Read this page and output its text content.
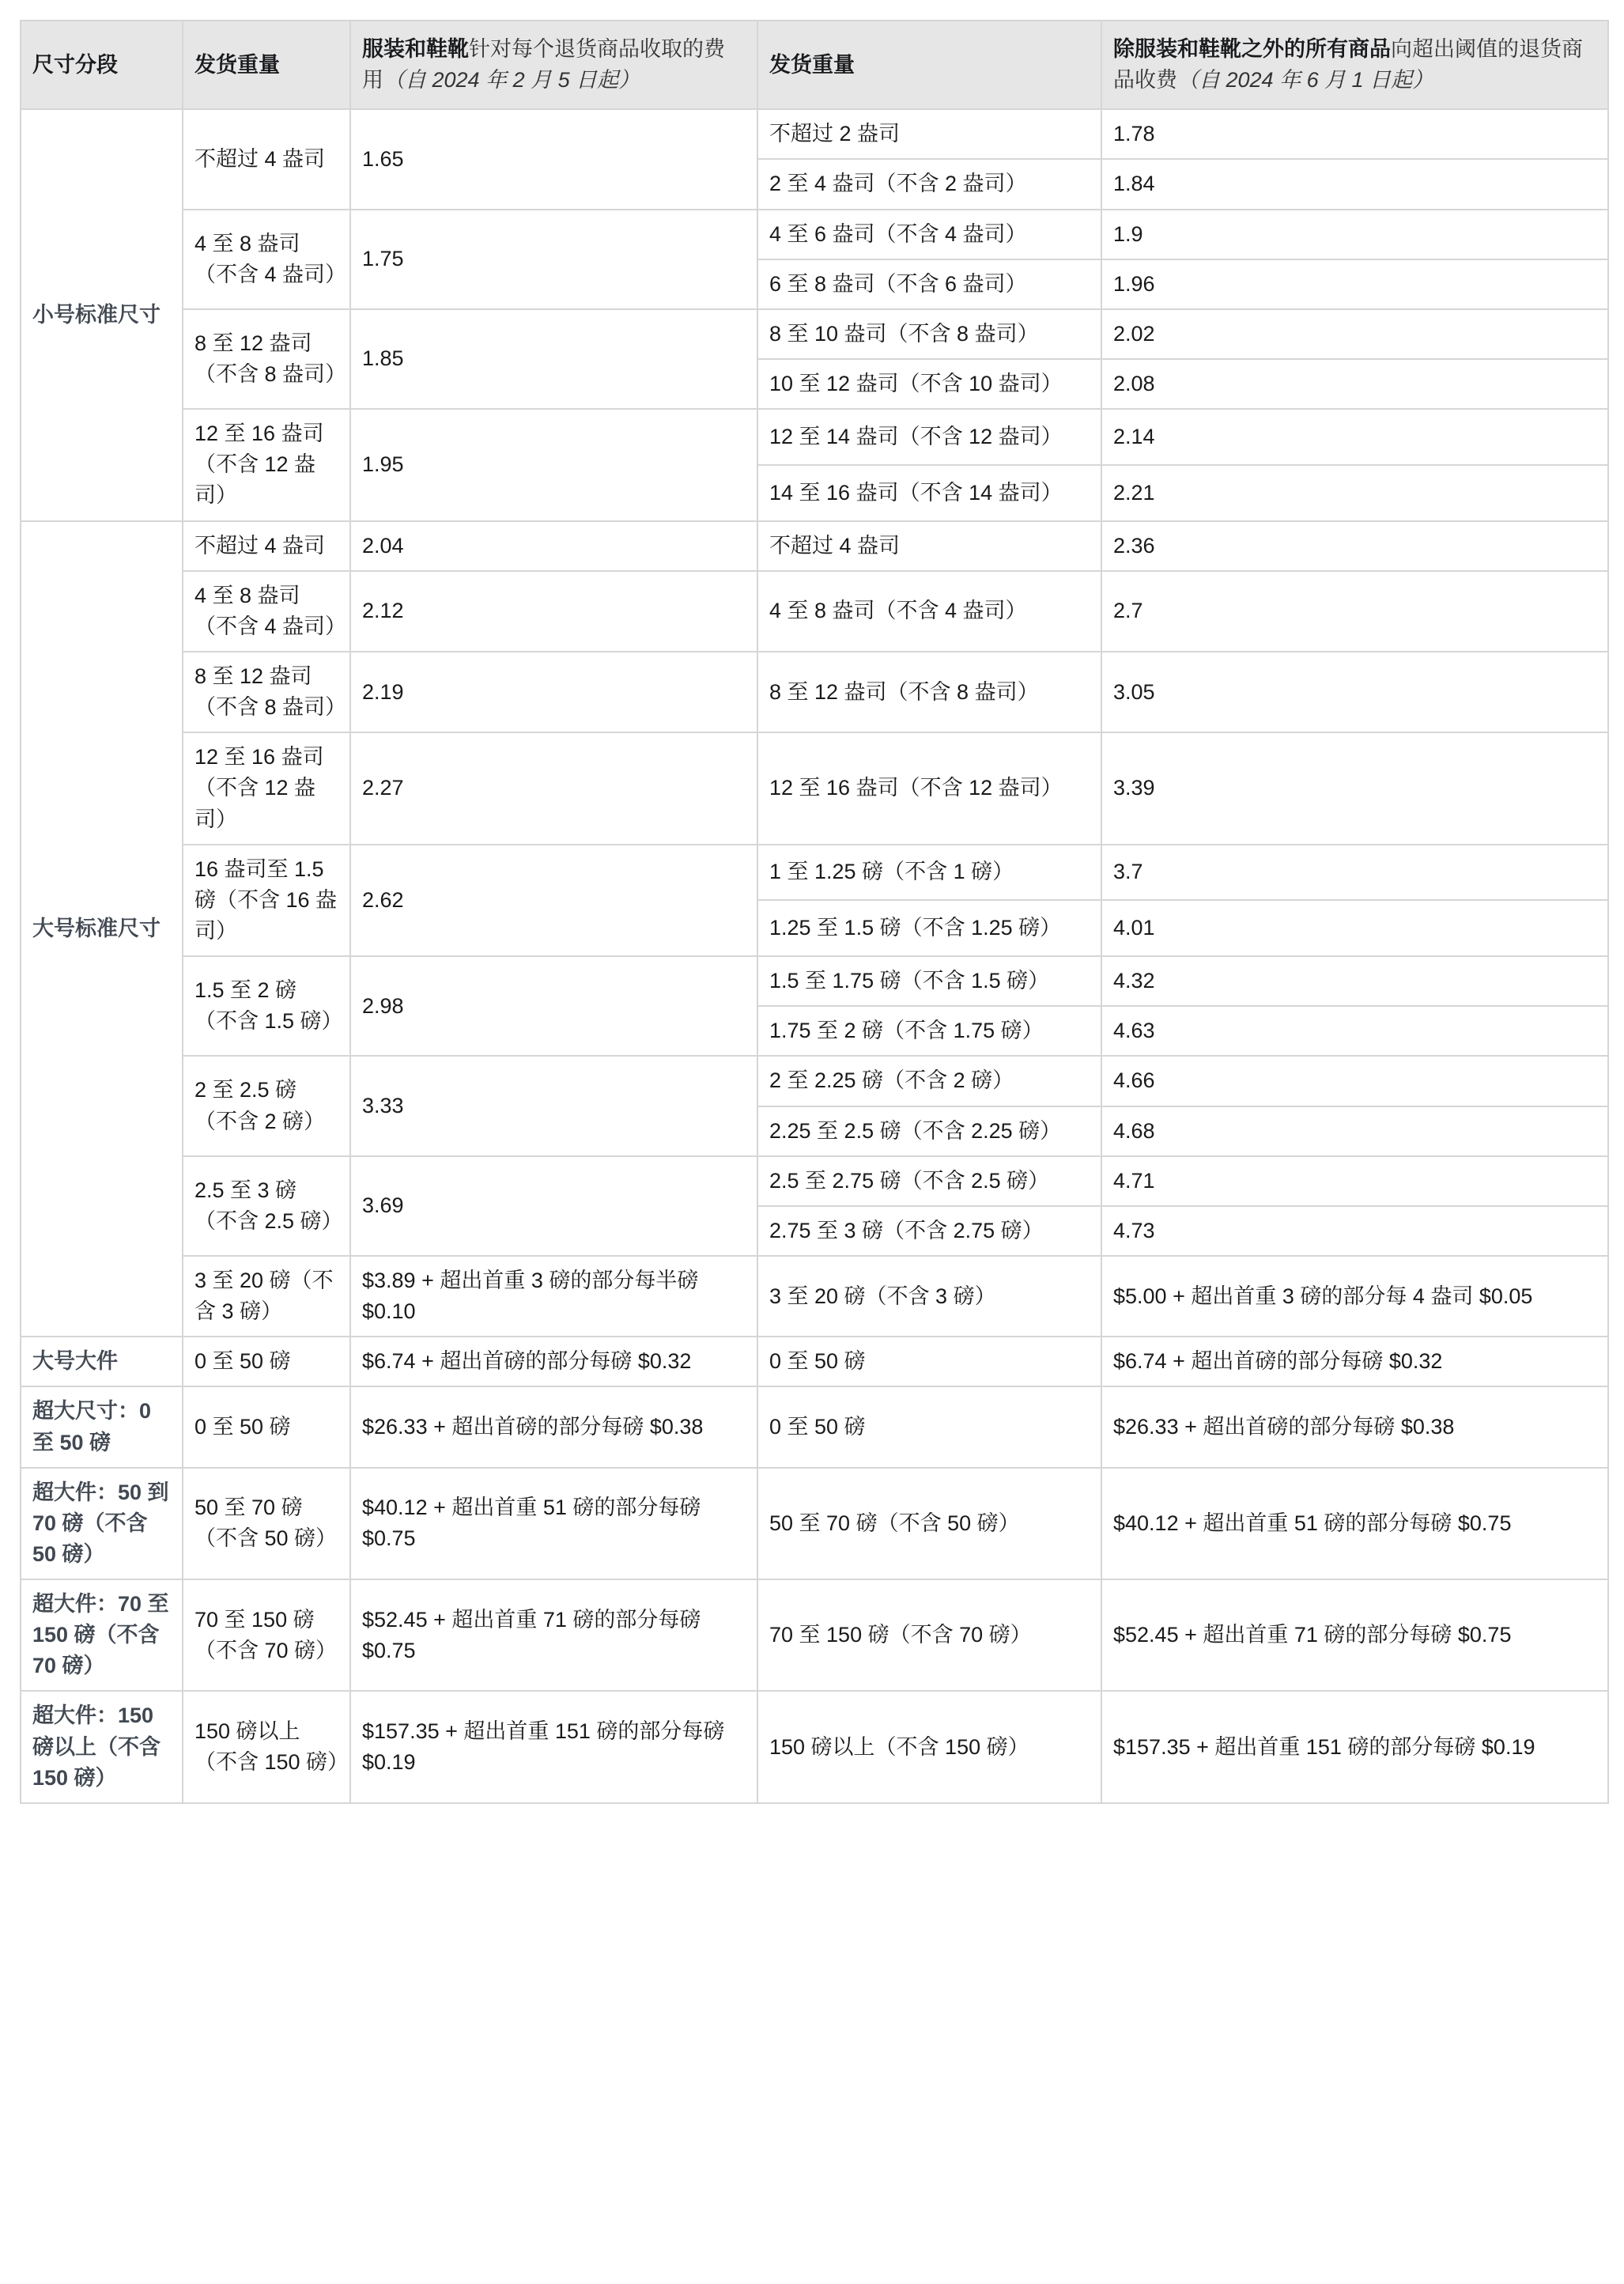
尺寸分段	发货重量	服装和鞋靴针对每个退货商品收取的费用（自 2024 年 2 月 5 日起）	发货重量	除服装和鞋靴之外的所有商品向超出阈值的退货商品收费（自 2024 年 6 月 1 日起）
小号标准尺寸	不超过 4 盎司	1.65	不超过 2 盎司	1.78
			2 至 4 盎司（不含 2 盎司）	1.84
	4 至 8 盎司（不含 4 盎司）	1.75	4 至 6 盎司（不含 4 盎司）	1.9
			6 至 8 盎司（不含 6 盎司）	1.96
	8 至 12 盎司（不含 8 盎司）	1.85	8 至 10 盎司（不含 8 盎司）	2.02
			10 至 12 盎司（不含 10 盎司）	2.08
	12 至 16 盎司（不含 12 盎司）	1.95	12 至 14 盎司（不含 12 盎司）	2.14
			14 至 16 盎司（不含 14 盎司）	2.21
大号标准尺寸	不超过 4 盎司	2.04	不超过 4 盎司	2.36
	4 至 8 盎司（不含 4 盎司）	2.12	4 至 8 盎司（不含 4 盎司）	2.7
	8 至 12 盎司（不含 8 盎司）	2.19	8 至 12 盎司（不含 8 盎司）	3.05
	12 至 16 盎司（不含 12 盎司）	2.27	12 至 16 盎司（不含 12 盎司）	3.39
	16 盎司至 1.5 磅（不含 16 盎司）	2.62	1 至 1.25 磅（不含 1 磅）	3.7
			1.25 至 1.5 磅（不含 1.25 磅）	4.01
	1.5 至 2 磅（不含 1.5 磅）	2.98	1.5 至 1.75 磅（不含 1.5 磅）	4.32
			1.75 至 2 磅（不含 1.75 磅）	4.63
	2 至 2.5 磅（不含 2 磅）	3.33	2 至 2.25 磅（不含 2 磅）	4.66
			2.25 至 2.5 磅（不含 2.25 磅）	4.68
	2.5 至 3 磅（不含 2.5 磅）	3.69	2.5 至 2.75 磅（不含 2.5 磅）	4.71
			2.75 至 3 磅（不含 2.75 磅）	4.73
	3 至 20 磅（不含 3 磅）	$3.89 + 超出首重 3 磅的部分每半磅 $0.10	3 至 20 磅（不含 3 磅）	$5.00 + 超出首重 3 磅的部分每 4 盎司 $0.05
大号大件	0 至 50 磅	$6.74 + 超出首磅的部分每磅 $0.32	0 至 50 磅	$6.74 + 超出首磅的部分每磅 $0.32
超大尺寸：0 至 50 磅	0 至 50 磅	$26.33 + 超出首磅的部分每磅 $0.38	0 至 50 磅	$26.33 + 超出首磅的部分每磅 $0.38
超大件：50 到 70 磅（不含 50 磅）	50 至 70 磅（不含 50 磅）	$40.12 + 超出首重 51 磅的部分每磅 $0.75	50 至 70 磅（不含 50 磅）	$40.12 + 超出首重 51 磅的部分每磅 $0.75
超大件：70 至 150 磅（不含 70 磅）	70 至 150 磅（不含 70 磅）	$52.45 + 超出首重 71 磅的部分每磅 $0.75	70 至 150 磅（不含 70 磅）	$52.45 + 超出首重 71 磅的部分每磅 $0.75
超大件：150 磅以上（不含 150 磅）	150 磅以上（不含 150 磅）	$157.35 + 超出首重 151 磅的部分每磅 $0.19	150 磅以上（不含 150 磅）	$157.35 + 超出首重 151 磅的部分每磅 $0.19
